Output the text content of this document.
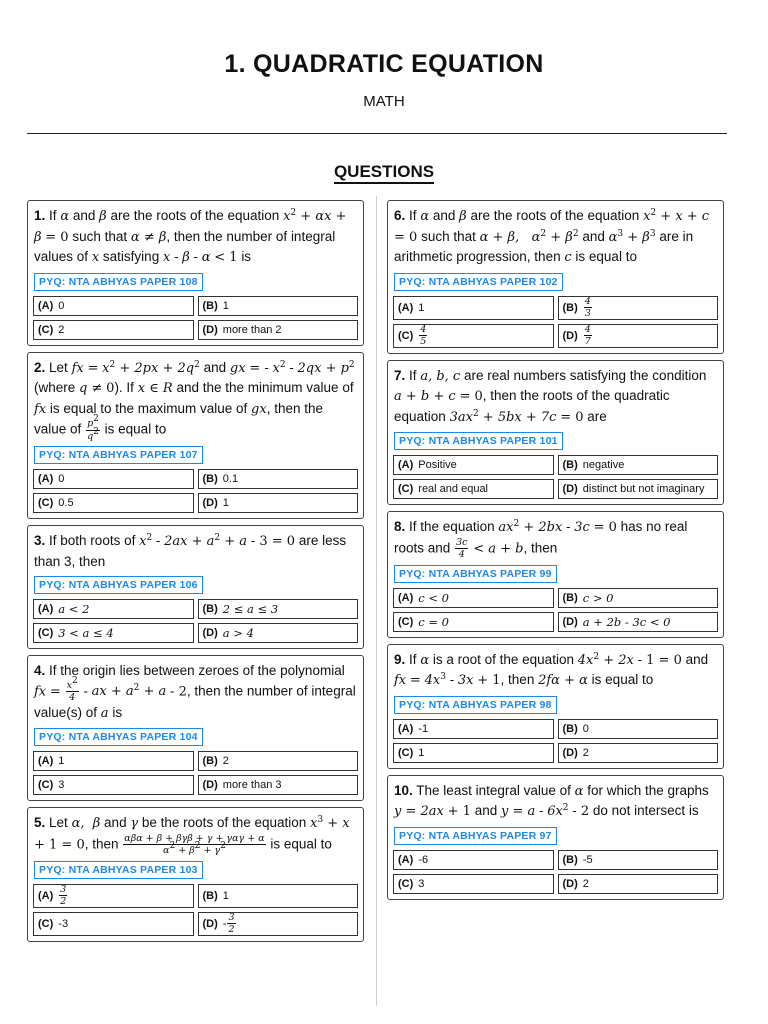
1. QUADRATIC EQUATION
MATH
QUESTIONS
1. If α and β are the roots of the equation $x^2 + \alpha x + \beta = 0$ such that α ≠ β, then the number of integral values of x satisfying x - β - α < 1 is
PYQ: NTA ABHYAS PAPER 108
(A) 0	(B) 1
(C) 2	(D) more than 2
2. Let fx = $x^2 + 2px + 2q^2$ and gx = - $x^2 - 2qx + p^2$ (where q ≠ 0). If x ∈ R and the the minimum value of fx is equal to the maximum value of gx, then the value of $\frac{p^2}{q^2}$ is equal to
PYQ: NTA ABHYAS PAPER 107
(A) 0	(B) 0.1
(C) 0.5	(D) 1
3. If both roots of $x^2 - 2ax + a^2 + a - 3 = 0$ are less than 3, then
PYQ: NTA ABHYAS PAPER 106
(A) a < 2	(B) 2 ≤ a ≤ 3
(C) 3 < a ≤ 4	(D) a > 4
4. If the origin lies between zeroes of the polynomial fx = $\frac{x^2}{4}$ - ax + $a^2 + a - 2$, then the number of integral value(s) of a is
PYQ: NTA ABHYAS PAPER 104
(A) 1	(B) 2
(C) 3	(D) more than 3
5. Let α,  β and γ be the roots of the equation $x^3 + x + 1 = 0$, then $\frac{\text{αβα + β + βγβ + γ + γαγ + α}}{\alpha^2 + \beta^2 + \gamma^2}$ is equal to
PYQ: NTA ABHYAS PAPER 103
$(A) \frac{3}{2}$	(B) 1
(C) -3	$(D) - \frac{3}{2}$
6. If α and β are the roots of the equation $x^2 + x + c = 0$ such that α + β,   $\alpha^2 + \beta^2$ and $\alpha^3 + \beta^3$ are in arithmetic progression, then c is equal to
PYQ: NTA ABHYAS PAPER 102
(A) 1	$(B) \frac{4}{3}$
$(C) \frac{4}{5}$	$(D) \frac{4}{7}$
7. If a, b, c are real numbers satisfying the condition a + b + c = 0, then the roots of the quadratic equation $3ax^2 + 5bx + 7c = 0$ are
PYQ: NTA ABHYAS PAPER 101
(A) Positive	(B) negative
(C) real and equal	(D) distinct but not imaginary
8. If the equation $ax^2 + 2bx - 3c = 0$ has no real roots and $\frac{3c}{4} < a + b$, then
PYQ: NTA ABHYAS PAPER 99
(A) c < 0	(B) c > 0
(C) c = 0	(D) a + 2b - 3c < 0
9. If α is a root of the equation $4x^2 + 2x - 1 = 0$ and fx = $4x^3 - 3x + 1$, then 2fα + α is equal to
PYQ: NTA ABHYAS PAPER 98
(A) -1	(B) 0
(C) 1	(D) 2
10. The least integral value of α for which the graphs y = 2ax + 1 and $y = a - 6x^2 - 2$ do not intersect is
PYQ: NTA ABHYAS PAPER 97
(A) -6	(B) -5
(C) 3	(D) 2
